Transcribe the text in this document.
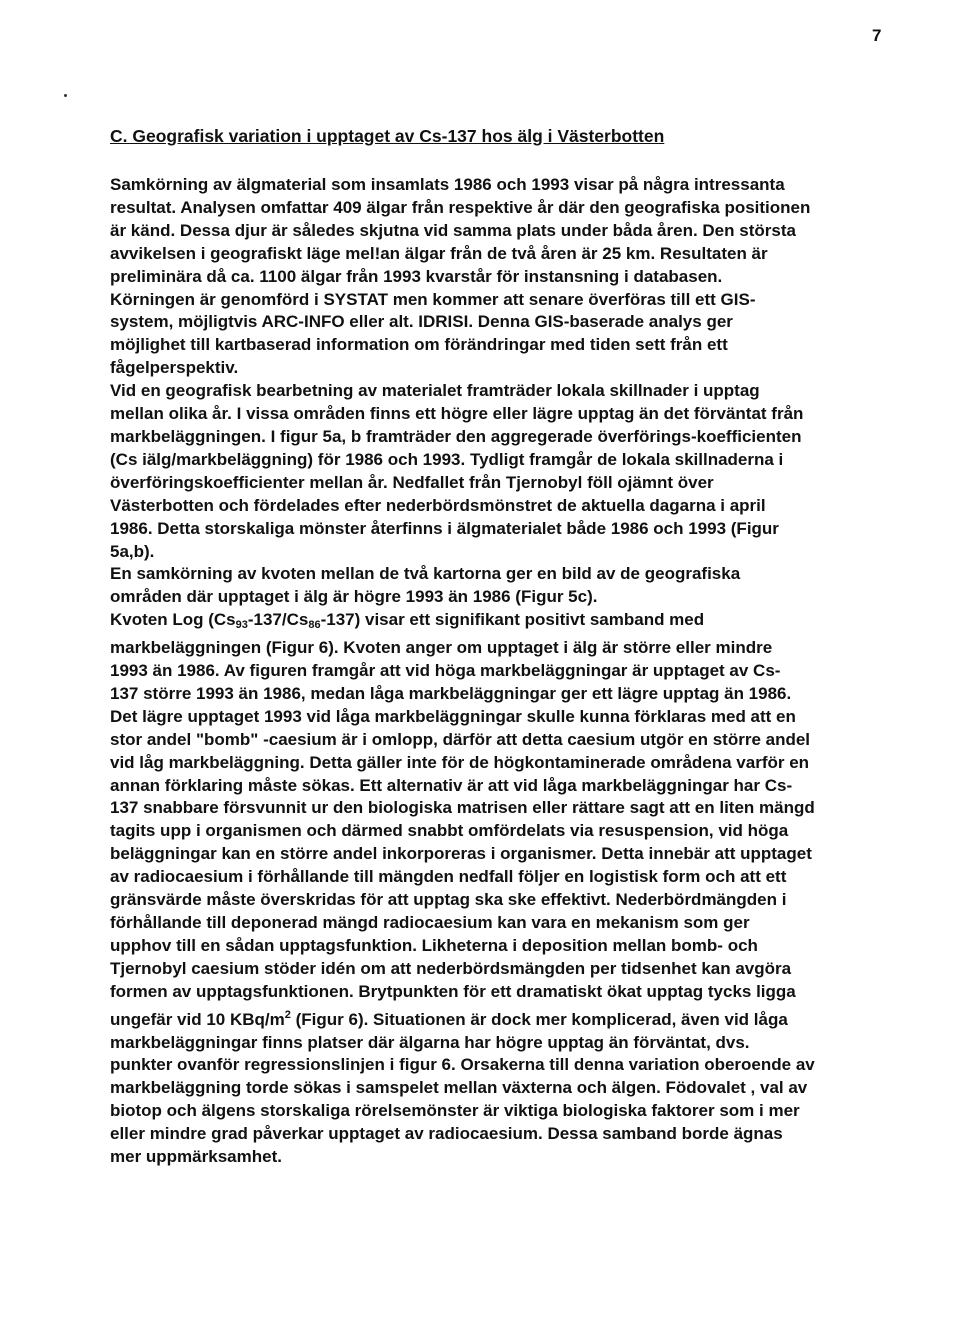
7
C. Geografisk variation i upptaget av Cs-137 hos älg i Västerbotten
Samkörning av älgmaterial som insamlats 1986 och 1993 visar på några intressanta
resultat. Analysen omfattar 409 älgar från respektive år där den geografiska positionen
är känd. Dessa djur är således skjutna vid samma plats under båda åren. Den största
avvikelsen i geografiskt läge mel!an älgar från de två åren är 25 km. Resultaten är
preliminära då ca. 1100 älgar från 1993 kvarstår för instansning i databasen.
Körningen är genomförd i SYSTAT men kommer att senare överföras till ett GIS-
system, möjligtvis ARC-INFO eller alt. IDRISI. Denna GIS-baserade analys ger
möjlighet till kartbaserad information om förändringar med tiden sett från ett
fågelperspektiv.
Vid en geografisk bearbetning av materialet framträder lokala skillnader i upptag
mellan olika år. I vissa områden finns ett högre eller lägre upptag än det förväntat från
markbeläggningen. I figur 5a, b framträder den aggregerade överförings-koefficienten
(Cs iälg/markbeläggning) för 1986 och 1993. Tydligt framgår de lokala skillnaderna i
överföringskoefficienter mellan år. Nedfallet från Tjernobyl föll ojämnt över
Västerbotten och fördelades efter nederbördsmönstret de aktuella dagarna i april
1986. Detta storskaliga mönster återfinns i älgmaterialet både 1986 och 1993 (Figur
5a,b).
En samkörning av kvoten mellan de två kartorna ger en bild av de geografiska
områden där upptaget i älg är högre 1993 än 1986 (Figur 5c).
Kvoten Log $(Cs_{93}-137/Cs_{86}-137)$ visar ett signifikant positivt samband med
markbeläggningen (Figur 6). Kvoten anger om upptaget i älg är större eller mindre
1993 än 1986. Av figuren framgår att vid höga markbeläggningar är upptaget av Cs-
137 större 1993 än 1986, medan låga markbeläggningar ger ett lägre upptag än 1986.
Det lägre upptaget 1993 vid låga markbeläggningar skulle kunna förklaras med att en
stor andel "bomb" -caesium är i omlopp, därför att detta caesium utgör en större andel
vid låg markbeläggning. Detta gäller inte för de högkontaminerade områdena varför en
annan förklaring måste sökas. Ett alternativ är att vid låga markbeläggningar har Cs-
137 snabbare försvunnit ur den biologiska matrisen eller rättare sagt att en liten mängd
tagits upp i organismen och därmed snabbt omfördelats via resuspension, vid höga
beläggningar kan en större andel inkorporeras i organismer. Detta innebär att upptaget
av radiocaesium i förhållande till mängden nedfall följer en logistisk form och att ett
gränsvärde måste överskridas för att upptag ska ske effektivt. Nederbördmängden i
förhållande till deponerad mängd radiocaesium kan vara en mekanism som ger
upphov till en sådan upptagsfunktion. Likheterna i deposition mellan bomb- och
Tjernobyl caesium stöder idén om att nederbördsmängden per tidsenhet kan avgöra
formen av upptagsfunktionen. Brytpunkten för ett dramatiskt ökat upptag tycks ligga
ungefär vid 10 KBq/$m^2$ (Figur 6). Situationen är dock mer komplicerad, även vid låga
markbeläggningar finns platser där älgarna har högre upptag än förväntat, dvs.
punkter ovanför regressionslinjen i figur 6. Orsakerna till denna variation oberoende av
markbeläggning torde sökas i samspelet mellan växterna och älgen. Födovalet , val av
biotop och älgens storskaliga rörelsemönster är viktiga biologiska faktorer som i mer
eller mindre grad påverkar upptaget av radiocaesium. Dessa samband borde ägnas
mer uppmärksamhet.
